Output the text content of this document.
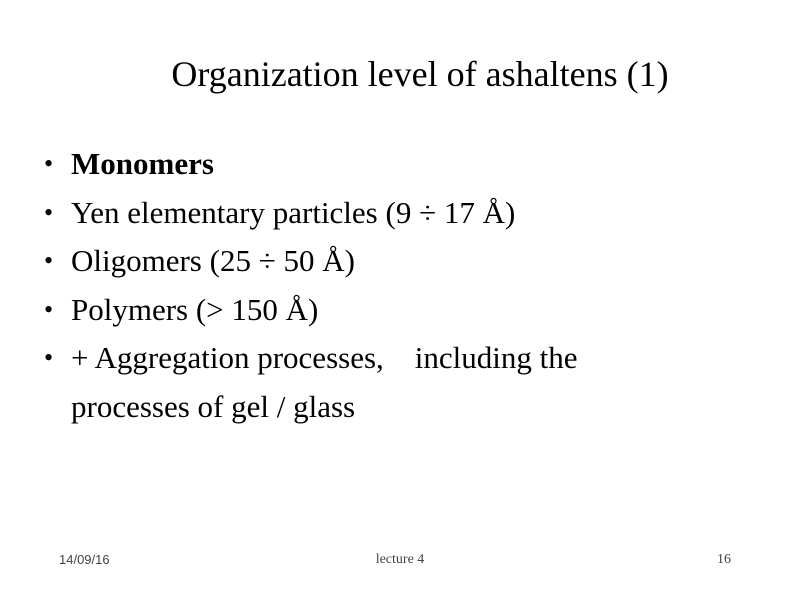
Organization level of ashaltens (1)
• Monomers
• Yen elementary particles (9 ÷ 17 Å)
• Oligomers (25 ÷ 50 Å)
• Polymers (> 150 Å)
• + Aggregation processes,    including the processes of gel / glass
14/09/16	lecture 4	16
